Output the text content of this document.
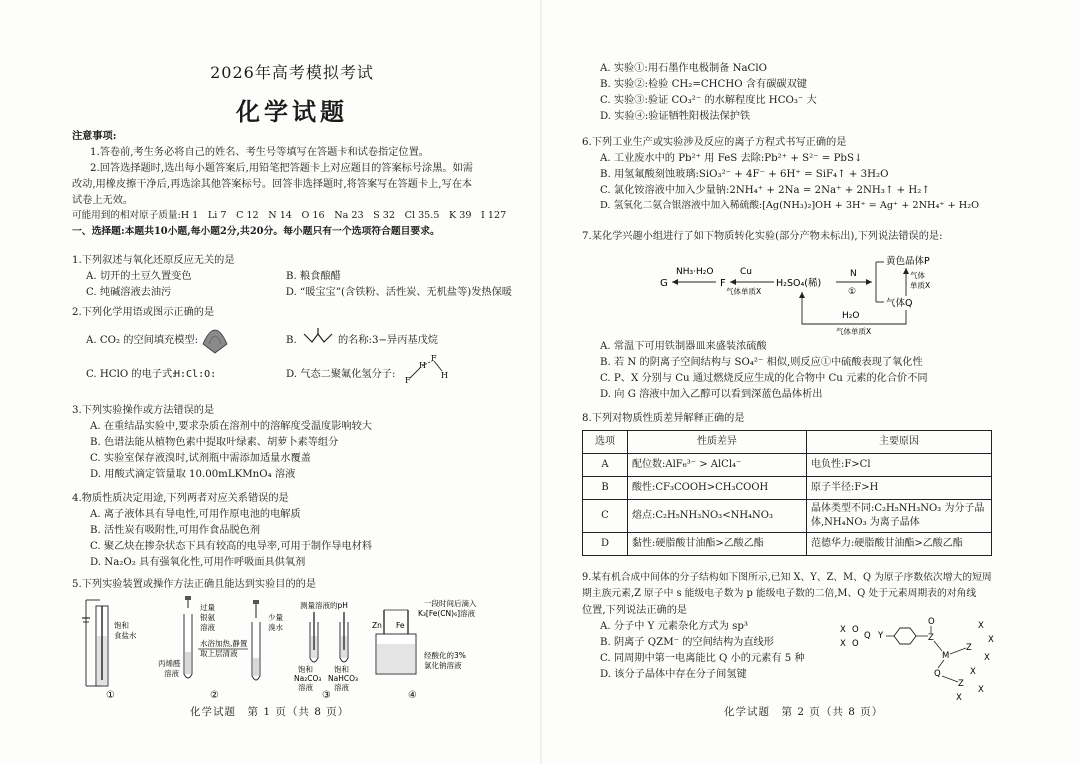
2026年高考模拟考试
化学试题
注意事项:
1.答卷前,考生务必将自己的姓名、考生号等填写在答题卡和试卷指定位置。
2.回答选择题时,选出每小题答案后,用铅笔把答题卡上对应题目的答案标号涂黑。如需
改动,用橡皮擦干净后,再选涂其他答案标号。回答非选择题时,将答案写在答题卡上,写在本
试卷上无效。
可能用到的相对原子质量:H 1　Li 7　C 12　N 14　O 16　Na 23　S 32　Cl 35.5　K 39　I 127
一、选择题:本题共10小题,每小题2分,共20分。每小题只有一个选项符合题目要求。
1.下列叙述与氧化还原反应无关的是
A. 切开的土豆久置变色	B. 粮食酿醋
C. 纯碱溶液去油污	D. “暖宝宝”(含铁粉、活性炭、无机盐等)发热保暖
2.下列化学用语或图示正确的是
A. CO₂ 的空间填充模型:	B.	的名称:3−异丙基戊烷
C. HClO 的电子式:
H:Cl:O:	D. 气态二聚氟化氢分子:
F
H
F
H
3.下列实验操作或方法错误的是
A. 在重结晶实验中,要求杂质在溶剂中的溶解度受温度影响较大
B. 色谱法能从植物色素中提取叶绿素、胡萝卜素等组分
C. 实验室保存液溴时,试剂瓶中需添加适量水覆盖
D. 用酸式滴定管量取 10.00mLKMnO₄ 溶液
4.物质性质决定用途,下列两者对应关系错误的是
A. 离子液体具有导电性,可用作原电池的电解质
B. 活性炭有吸附性,可用作食品脱色剂
C. 聚乙炔在掺杂状态下具有较高的电导率,可用于制作导电材料
D. Na₂O₂ 具有强氧化性,可用作呼吸面具供氧剂
5.下列实验装置或操作方法正确且能达到实验目的的是
饱和
食盐水
①
丙烯醛
溶液
过量
银氨
溶液
水浴加热,静置
取上层清液
少量
溴水
②
测量溶液的pH
饱和
Na₂CO₃
溶液
饱和
NaHCO₃
溶液
③
一段时间后滴入
K₃[Fe(CN)₆]溶液
Zn Fe
经酸化的3%
氯化钠溶液
④
化学试题　第 1 页（共 8 页）
A. 实验①:用石墨作电极制备 NaClO
B. 实验②:检验 CH₂=CHCHO 含有碳碳双键
C. 实验③:验证 CO₃²⁻ 的水解程度比 HCO₃⁻ 大
D. 实验④:验证牺牲阳极法保护铁
6.下列工业生产或实验涉及反应的离子方程式书写正确的是
A. 工业废水中的 Pb²⁺ 用 FeS 去除:Pb²⁺ + S²⁻ = PbS↓
B. 用氢氟酸刻蚀玻璃:SiO₃²⁻ + 4F⁻ + 6H⁺ = SiF₄↑ + 3H₂O
C. 氯化铵溶液中加入少量钠:2NH₄⁺ + 2Na = 2Na⁺ + 2NH₃↑ + H₂↑
D. 氢氧化二氨合银溶液中加入稀硫酸:[Ag(NH₃)₂]OH + 3H⁺ = Ag⁺ + 2NH₄⁺ + H₂O
7.某化学兴趣小组进行了如下物质转化实验(部分产物未标出),下列说法错误的是:
G
NH₃·H₂O
F
Cu
气体单质X
H₂SO₄(稀)
N
①
黄色晶体P
气体
单质X
气体Q
H₂O
气体单质X
A. 常温下可用铁制器皿来盛装浓硫酸
B. 若 N 的阴离子空间结构与 SO₄²⁻ 相似,则反应①中硫酸表现了氧化性
C. P、X 分别与 Cu 通过燃烧反应生成的化合物中 Cu 元素的化合价不同
D. 向 G 溶液中加入乙醇可以看到深蓝色晶体析出
8.下列对物质性质差异解释正确的是
选项	性质差异	主要原因
A	配位数:AlF₆³⁻ > AlCl₄⁻	电负性:F>Cl
B	酸性:CF₃COOH>CH₃COOH	原子半径:F>H
C	熔点:C₂H₅NH₃NO₃<NH₄NO₃	晶体类型不同:C₂H₅NH₃NO₃ 为分子晶体,NH₄NO₃ 为离子晶体
D	黏性:硬脂酸甘油酯>乙酸乙酯	范德华力:硬脂酸甘油酯>乙酸乙酯
9.某有机合成中间体的分子结构如下图所示,已知 X、Y、Z、M、Q 为原子序数依次增大的短周
期主族元素,Z 原子中 s 能级电子数为 p 能级电子数的二倍,M、Q 处于元素周期表的对角线
位置,下列说法正确的是
A. 分子中 Y 元素杂化方式为 sp³
B. 阴离子 QZM⁻ 的空间结构为直线形
C. 同周期中第一电离能比 Q 小的元素有 5 种
D. 该分子晶体中存在分子间氢键
X O
Q
X O
Y	Z
O
M
Z
X
X
X
Q
Z
X
X
X
化学试题　第 2 页（共 8 页）
